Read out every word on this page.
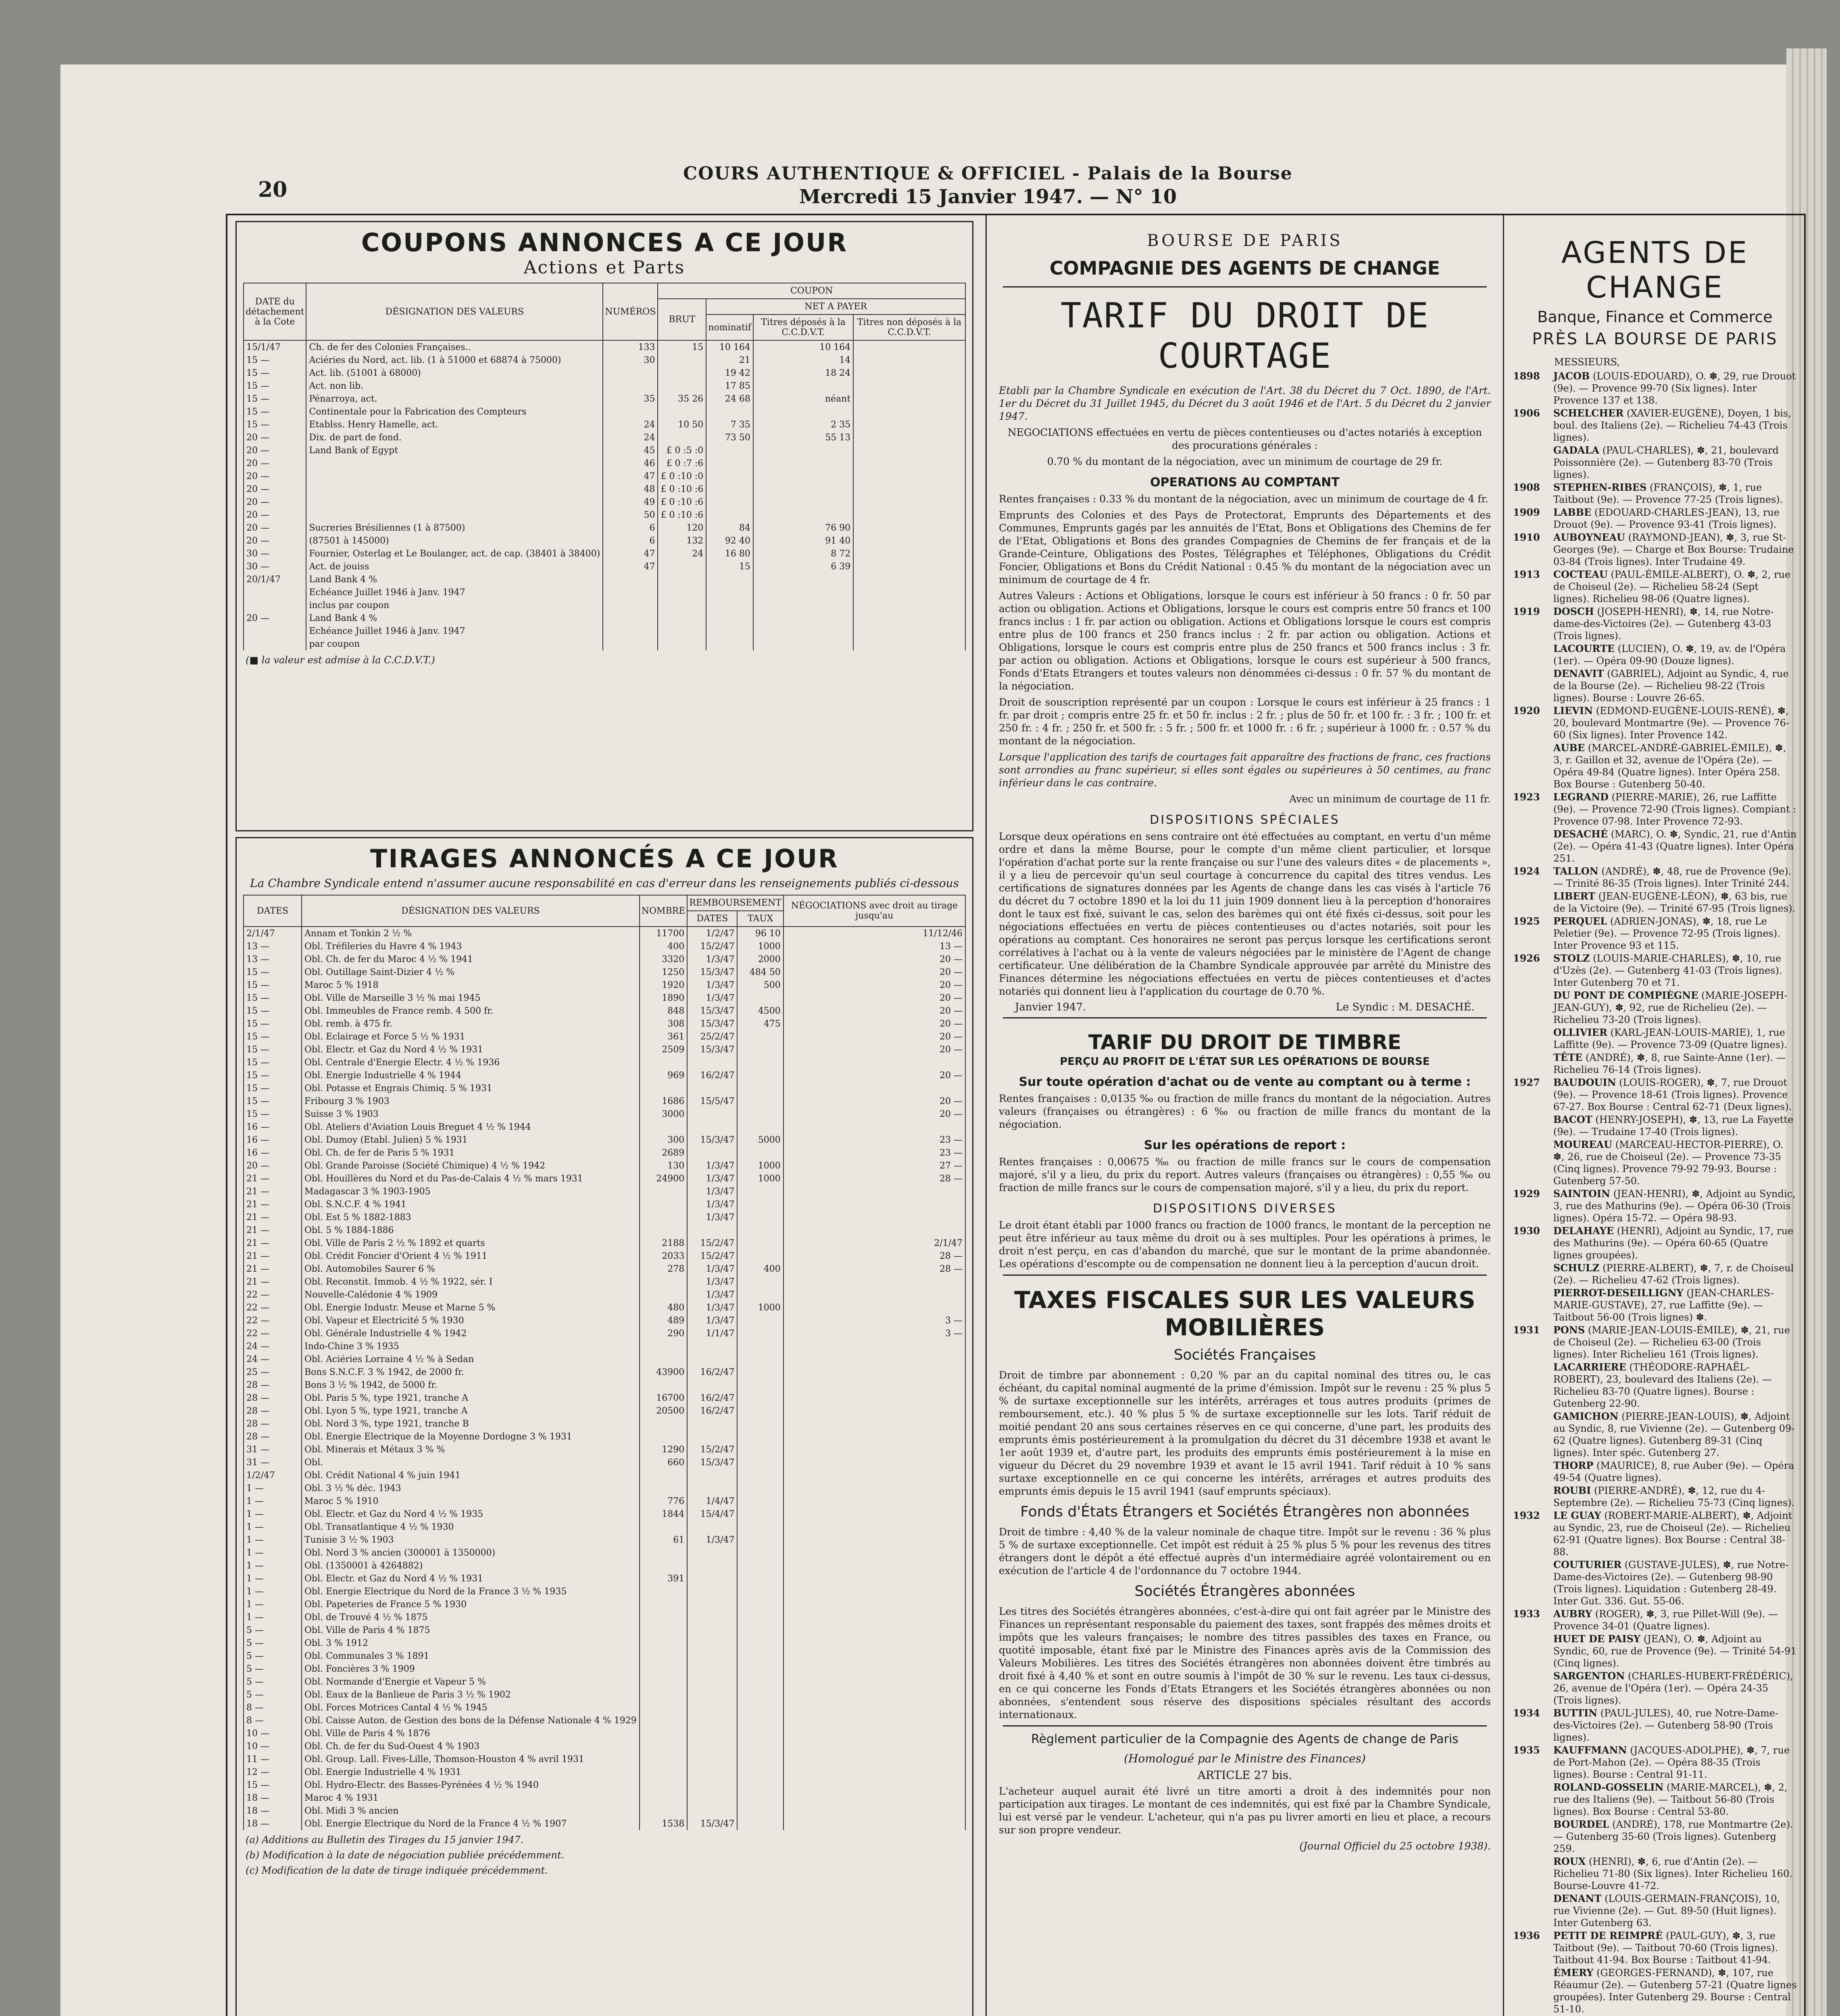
20
COURS AUTHENTIQUE & OFFICIEL - Palais de la Bourse
Mercredi 15 Janvier 1947. — N° 10
COUPONS ANNONCES A CE JOUR
Actions et Parts
DATE du détachement à la Cote	DÉSIGNATION DES VALEURS	NUMÉROS	COUPON			
			BRUT	NET A PAYER		
				nominatif	Titres déposés à la C.C.D.V.T.	Titres non déposés à la C.C.D.V.T.
15/1/47	Ch. de fer des Colonies Françaises..	133	15	10 164	10 164	
15 —	Aciéries du Nord, act. lib. (1 à 51000 et 68874 à 75000)	30		21	14	
15 —	Act. lib. (51001 à 68000)			19 42	18 24	
15 —	Act. non lib.			17 85		
15 —	Pénarroya, act.	35	35 26	24 68	néant	
15 —	Continentale pour la Fabrication des Compteurs					
15 —	Etablss. Henry Hamelle, act.	24	10 50	7 35	2 35	
20 —	Dix. de part de fond.	24		73 50	55 13	
20 —	Land Bank of Egypt	45	£ 0 :5 :0			
20 —		46	£ 0 :7 :6			
20 —		47	£ 0 :10 :0			
20 —		48	£ 0 :10 :6			
20 —		49	£ 0 :10 :6			
20 —		50	£ 0 :10 :6			
20 —	Sucreries Brésiliennes (1 à 87500)	6	120	84	76 90	
20 —	(87501 à 145000)	6	132	92 40	91 40	
30 —	Fournier, Osterlag et Le Boulanger, act. de cap. (38401 à 38400)	47	24	16 80	8 72	
30 —	Act. de jouiss	47		15	6 39	
20/1/47	Land Bank 4 %					
	Echéance Juillet 1946 à Janv. 1947					
	inclus par coupon					
20 —	Land Bank 4 %					
	Echéance Juillet 1946 à Janv. 1947					
	par coupon					
(■ la valeur est admise à la C.C.D.V.T.)
TIRAGES ANNONCÉS A CE JOUR
La Chambre Syndicale entend n'assumer aucune responsabilité en cas d'erreur dans les renseignements publiés ci-dessous
DATES	DÉSIGNATION DES VALEURS	NOMBRE	REMBOURSEMENT		NÉGOCIATIONS avec droit au tirage jusqu'au
			DATES	TAUX	
2/1/47	Annam et Tonkin 2 ½ %	11700	1/2/47	96 10	11/12/46
13 —	Obl. Tréfileries du Havre 4 % 1943	400	15/2/47	1000	13 —
13 —	Obl. Ch. de fer du Maroc 4 ½ % 1941	3320	1/3/47	2000	20 —
15 —	Obl. Outillage Saint-Dizier 4 ½ %	1250	15/3/47	484 50	20 —
15 —	Maroc 5 % 1918	1920	1/3/47	500	20 —
15 —	Obl. Ville de Marseille 3 ½ % mai 1945	1890	1/3/47		20 —
15 —	Obl. Immeubles de France remb. 4 500 fr.	848	15/3/47	4500	20 —
15 —	Obl. remb. à 475 fr.	308	15/3/47	475	20 —
15 —	Obl. Eclairage et Force 5 ½ % 1931	361	25/2/47		20 —
15 —	Obl. Electr. et Gaz du Nord 4 ½ % 1931	2509	15/3/47		20 —
15 —	Obl. Centrale d'Energie Electr. 4 ½ % 1936				
15 —	Obl. Energie Industrielle 4 % 1944	969	16/2/47		20 —
15 —	Obl. Potasse et Engrais Chimiq. 5 % 1931				
15 —	Fribourg 3 % 1903	1686	15/5/47		20 —
15 —	Suisse 3 % 1903	3000			20 —
16 —	Obl. Ateliers d'Aviation Louis Breguet 4 ½ % 1944				
16 —	Obl. Dumoy (Etabl. Julien) 5 % 1931	300	15/3/47	5000	23 —
16 —	Obl. Ch. de fer de Paris 5 % 1931	2689			23 —
20 —	Obl. Grande Paroisse (Société Chimique) 4 ½ % 1942	130	1/3/47	1000	27 —
21 —	Obl. Houillères du Nord et du Pas-de-Calais 4 ½ % mars 1931	24900	1/3/47	1000	28 —
21 —	Madagascar 3 % 1903-1905		1/3/47		
21 —	Obl. S.N.C.F. 4 % 1941		1/3/47		
21 —	Obl. Est 5 % 1882-1883		1/3/47		
21 —	Obl. 5 % 1884-1886				
21 —	Obl. Ville de Paris 2 ½ % 1892 et quarts	2188	15/2/47		2/1/47
21 —	Obl. Crédit Foncier d'Orient 4 ½ % 1911	2033	15/2/47		28 —
21 —	Obl. Automobiles Saurer 6 %	278	1/3/47	400	28 —
21 —	Obl. Reconstit. Immob. 4 ½ % 1922, sér. I		1/3/47		
22 —	Nouvelle-Calédonie 4 % 1909		1/3/47		
22 —	Obl. Energie Industr. Meuse et Marne 5 %	480	1/3/47	1000	
22 —	Obl. Vapeur et Electricité 5 % 1930	489	1/3/47		3 —
22 —	Obl. Générale Industrielle 4 % 1942	290	1/1/47		3 —
24 —	Indo-Chine 3 % 1935				
24 —	Obl. Aciéries Lorraine 4 ½ % à Sedan				
25 —	Bons S.N.C.F. 3 % 1942, de 2000 fr.	43900	16/2/47		
28 —	Bons 3 ½ % 1942, de 5000 fr.				
28 —	Obl. Paris 5 %, type 1921, tranche A	16700	16/2/47		
28 —	Obl. Lyon 5 %, type 1921, tranche A	20500	16/2/47		
28 —	Obl. Nord 3 %, type 1921, tranche B				
28 —	Obl. Energie Electrique de la Moyenne Dordogne 3 % 1931				
31 —	Obl. Minerais et Métaux 3 % %	1290	15/2/47		
31 —	Obl.	660	15/3/47		
1/2/47	Obl. Crédit National 4 % juin 1941				
1 —	Obl. 3 ½ % déc. 1943				
1 —	Maroc 5 % 1910	776	1/4/47		
1 —	Obl. Electr. et Gaz du Nord 4 ½ % 1935	1844	15/4/47		
1 —	Obl. Transatlantique 4 ½ % 1930				
1 —	Tunisie 3 ½ % 1903	61	1/3/47		
1 —	Obl. Nord 3 % ancien (300001 à 1350000)				
1 —	Obl. (1350001 à 4264882)				
1 —	Obl. Electr. et Gaz du Nord 4 ½ % 1931	391			
1 —	Obl. Energie Electrique du Nord de la France 3 ½ % 1935				
1 —	Obl. Papeteries de France 5 % 1930				
1 —	Obl. de Trouvé 4 ½ % 1875				
5 —	Obl. Ville de Paris 4 % 1875				
5 —	Obl. 3 % 1912				
5 —	Obl. Communales 3 % 1891				
5 —	Obl. Foncières 3 % 1909				
5 —	Obl. Normande d'Energie et Vapeur 5 %				
5 —	Obl. Eaux de la Banlieue de Paris 3 ½ % 1902				
8 —	Obl. Forces Motrices Cantal 4 ½ % 1945				
8 —	Obl. Caisse Auton. de Gestion des bons de la Défense Nationale 4 % 1929				
10 —	Obl. Ville de Paris 4 % 1876				
10 —	Obl. Ch. de fer du Sud-Ouest 4 % 1903				
11 —	Obl. Group. Lall. Fives-Lille, Thomson-Houston 4 % avril 1931				
12 —	Obl. Energie Industrielle 4 % 1931				
15 —	Obl. Hydro-Electr. des Basses-Pyrénées 4 ½ % 1940				
18 —	Maroc 4 % 1931				
18 —	Obl. Midi 3 % ancien				
18 —	Obl. Energie Electrique du Nord de la France 4 ½ % 1907	1538	15/3/47		
(a) Additions au Bulletin des Tirages du 15 janvier 1947.
(b) Modification à la date de négociation publiée précédemment.
(c) Modification de la date de tirage indiquée précédemment.
BOURSE DE PARIS
COMPAGNIE DES AGENTS DE CHANGE
TARIF DU DROIT DE COURTAGE
Etabli par la Chambre Syndicale en exécution de l'Art. 38 du Décret du 7 Oct. 1890, de l'Art. 1er du Décret du 31 Juillet 1945, du Décret du 3 août 1946 et de l'Art. 5 du Décret du 2 janvier 1947.
NEGOCIATIONS effectuées en vertu de pièces contentieuses ou d'actes notariés à exception des procurations générales :
0.70 % du montant de la négociation, avec un minimum de courtage de 29 fr.
OPERATIONS AU COMPTANT
Rentes françaises : 0.33 % du montant de la négociation, avec un minimum de courtage de 4 fr.
Emprunts des Colonies et des Pays de Protectorat, Emprunts des Départements et des Communes, Emprunts gagés par les annuités de l'Etat, Bons et Obligations des Chemins de fer de l'Etat, Obligations et Bons des grandes Compagnies de Chemins de fer français et de la Grande-Ceinture, Obligations des Postes, Télégraphes et Téléphones, Obligations du Crédit Foncier, Obligations et Bons du Crédit National : 0.45 % du montant de la négociation avec un minimum de courtage de 4 fr.
Autres Valeurs : Actions et Obligations, lorsque le cours est inférieur à 50 francs : 0 fr. 50 par action ou obligation. Actions et Obligations, lorsque le cours est compris entre 50 francs et 100 francs inclus : 1 fr. par action ou obligation. Actions et Obligations lorsque le cours est compris entre plus de 100 francs et 250 francs inclus : 2 fr. par action ou obligation. Actions et Obligations, lorsque le cours est compris entre plus de 250 francs et 500 francs inclus : 3 fr. par action ou obligation. Actions et Obligations, lorsque le cours est supérieur à 500 francs, Fonds d'Etats Etrangers et toutes valeurs non dénommées ci-dessus : 0 fr. 57 % du montant de la négociation.
Droit de souscription représenté par un coupon : Lorsque le cours est inférieur à 25 francs : 1 fr. par droit ; compris entre 25 fr. et 50 fr. inclus : 2 fr. ; plus de 50 fr. et 100 fr. : 3 fr. ; 100 fr. et 250 fr. : 4 fr. ; 250 fr. et 500 fr. : 5 fr. ; 500 fr. et 1000 fr. : 6 fr. ; supérieur à 1000 fr. : 0.57 % du montant de la négociation.
Lorsque l'application des tarifs de courtages fait apparaître des fractions de franc, ces fractions sont arrondies au franc supérieur, si elles sont égales ou supérieures à 50 centimes, au franc inférieur dans le cas contraire.
Avec un minimum de courtage de 11 fr.
DISPOSITIONS SPÉCIALES
Lorsque deux opérations en sens contraire ont été effectuées au comptant, en vertu d'un même ordre et dans la même Bourse, pour le compte d'un même client particulier, et lorsque l'opération d'achat porte sur la rente française ou sur l'une des valeurs dites « de placements », il y a lieu de percevoir qu'un seul courtage à concurrence du capital des titres vendus. Les certifications de signatures données par les Agents de change dans les cas visés à l'article 76 du décret du 7 octobre 1890 et la loi du 11 juin 1909 donnent lieu à la perception d'honoraires dont le taux est fixé, suivant le cas, selon des barèmes qui ont été fixés ci-dessus, soit pour les négociations effectuées en vertu de pièces contentieuses ou d'actes notariés, soit pour les opérations au comptant. Ces honoraires ne seront pas perçus lorsque les certifications seront corrélatives à l'achat ou à la vente de valeurs négociées par le ministère de l'Agent de change certificateur. Une délibération de la Chambre Syndicale approuvée par arrêté du Ministre des Finances détermine les négociations effectuées en vertu de pièces contentieuses et d'actes notariés qui donnent lieu à l'application du courtage de 0.70 %.
Janvier 1947.	Le Syndic : M. DESACHÉ.
TARIF DU DROIT DE TIMBRE
PERÇU AU PROFIT DE L'ÉTAT SUR LES OPÉRATIONS DE BOURSE
Sur toute opération d'achat ou de vente au comptant ou à terme :
Rentes françaises : 0,0135 ‰ ou fraction de mille francs du montant de la négociation. Autres valeurs (françaises ou étrangères) : 6 ‰ ou fraction de mille francs du montant de la négociation.
Sur les opérations de report :
Rentes françaises : 0,00675 ‰ ou fraction de mille francs sur le cours de compensation majoré, s'il y a lieu, du prix du report. Autres valeurs (françaises ou étrangères) : 0,55 ‰ ou fraction de mille francs sur le cours de compensation majoré, s'il y a lieu, du prix du report.
DISPOSITIONS DIVERSES
Le droit étant établi par 1000 francs ou fraction de 1000 francs, le montant de la perception ne peut être inférieur au taux même du droit ou à ses multiples. Pour les opérations à primes, le droit n'est perçu, en cas d'abandon du marché, que sur le montant de la prime abandonnée. Les opérations d'escompte ou de compensation ne donnent lieu à la perception d'aucun droit.
TAXES FISCALES SUR LES VALEURS MOBILIÈRES
Sociétés Françaises
Droit de timbre par abonnement : 0,20 % par an du capital nominal des titres ou, le cas échéant, du capital nominal augmenté de la prime d'émission. Impôt sur le revenu : 25 % plus 5 % de surtaxe exceptionnelle sur les intérêts, arrérages et tous autres produits (primes de remboursement, etc.). 40 % plus 5 % de surtaxe exceptionnelle sur les lots. Tarif réduit de moitié pendant 20 ans sous certaines réserves en ce qui concerne, d'une part, les produits des emprunts émis postérieurement à la promulgation du décret du 31 décembre 1938 et avant le 1er août 1939 et, d'autre part, les produits des emprunts émis postérieurement à la mise en vigueur du Décret du 29 novembre 1939 et avant le 15 avril 1941. Tarif réduit à 10 % sans surtaxe exceptionnelle en ce qui concerne les intérêts, arrérages et autres produits des emprunts émis depuis le 15 avril 1941 (sauf emprunts spéciaux).
Fonds d'États Étrangers et Sociétés Étrangères non abonnées
Droit de timbre : 4,40 % de la valeur nominale de chaque titre. Impôt sur le revenu : 36 % plus 5 % de surtaxe exceptionnelle. Cet impôt est réduit à 25 % plus 5 % pour les revenus des titres étrangers dont le dépôt a été effectué auprès d'un intermédiaire agréé volontairement ou en exécution de l'article 4 de l'ordonnance du 7 octobre 1944.
Sociétés Étrangères abonnées
Les titres des Sociétés étrangères abonnées, c'est-à-dire qui ont fait agréer par le Ministre des Finances un représentant responsable du paiement des taxes, sont frappés des mêmes droits et impôts que les valeurs françaises; le nombre des titres passibles des taxes en France, ou quotité imposable, étant fixé par le Ministre des Finances après avis de la Commission des Valeurs Mobilières. Les titres des Sociétés étrangères non abonnées doivent être timbrés au droit fixé à 4,40 % et sont en outre soumis à l'impôt de 30 % sur le revenu. Les taux ci-dessus, en ce qui concerne les Fonds d'Etats Etrangers et les Sociétés étrangères abonnées ou non abonnées, s'entendent sous réserve des dispositions spéciales résultant des accords internationaux.
Règlement particulier de la Compagnie des Agents de change de Paris
(Homologué par le Ministre des Finances)
ARTICLE 27 bis.
L'acheteur auquel aurait été livré un titre amorti a droit à des indemnités pour non participation aux tirages. Le montant de ces indemnités, qui est fixé par la Chambre Syndicale, lui est versé par le vendeur. L'acheteur, qui n'a pas pu livrer amorti en lieu et place, a recours sur son propre vendeur.
(Journal Officiel du 25 octobre 1938).
AGENTS DE CHANGE
Banque, Finance et Commerce
PRÈS LA BOURSE DE PARIS
MESSIEURS,
1898	JACOB (LOUIS-EDOUARD), O. ✽, 29, rue Drouot (9e). — Provence 99-70 (Six lignes). Inter Provence 137 et 138.
1906	SCHELCHER (XAVIER-EUGÈNE), Doyen, 1 bis, boul. des Italiens (2e). — Richelieu 74-43 (Trois lignes).
GADALA (PAUL-CHARLES), ✽, 21, boulevard Poissonnière (2e). — Gutenberg 83-70 (Trois lignes).
1908	STEPHEN-RIBES (FRANÇOIS), ✽, 1, rue Taitbout (9e). — Provence 77-25 (Trois lignes).
1909	LABBE (EDOUARD-CHARLES-JEAN), 13, rue Drouot (9e). — Provence 93-41 (Trois lignes).
1910	AUBOYNEAU (RAYMOND-JEAN), ✽, 3, rue St-Georges (9e). — Charge et Box Bourse: Trudaine 03-84 (Trois lignes). Inter Trudaine 49.
1913	COCTEAU (PAUL-ÉMILE-ALBERT), O. ✽, 2, rue de Choiseul (2e). — Richelieu 58-24 (Sept lignes). Richelieu 98-06 (Quatre lignes).
1919	DOSCH (JOSEPH-HENRI), ✽, 14, rue Notre-dame-des-Victoires (2e). — Gutenberg 43-03 (Trois lignes).
LACOURTE (LUCIEN), O. ✽, 19, av. de l'Opéra (1er). — Opéra 09-90 (Douze lignes).
DENAVIT (GABRIEL), Adjoint au Syndic, 4, rue de la Bourse (2e). — Richelieu 98-22 (Trois lignes). Bourse : Louvre 26-65.
1920	LIEVIN (EDMOND-EUGÈNE-LOUIS-RENÉ), ✽, 20, boulevard Montmartre (9e). — Provence 76-60 (Six lignes). Inter Provence 142.
AUBE (MARCEL-ANDRÉ-GABRIEL-ÉMILE), ✽, 3, r. Gaillon et 32, avenue de l'Opéra (2e). — Opéra 49-84 (Quatre lignes). Inter Opéra 258. Box Bourse : Gutenberg 50-40.
1923	LEGRAND (PIERRE-MARIE), 26, rue Laffitte (9e). — Provence 72-90 (Trois lignes). Compiant : Provence 07-98. Inter Provence 72-93.
DESACHÉ (MARC), O. ✽, Syndic, 21, rue d'Antin (2e). — Opéra 41-43 (Quatre lignes). Inter Opéra 251.
1924	TALLON (ANDRÉ), ✽, 48, rue de Provence (9e). — Trinité 86-35 (Trois lignes). Inter Trinité 244.
LIBERT (JEAN-EUGÈNE-LÉON), ✽, 63 bis, rue de la Victoire (9e). — Trinité 67-95 (Trois lignes).
1925	PERQUEL (ADRIEN-JONAS), ✽, 18, rue Le Peletier (9e). — Provence 72-95 (Trois lignes). Inter Provence 93 et 115.
1926	STOLZ (LOUIS-MARIE-CHARLES), ✽, 10, rue d'Uzès (2e). — Gutenberg 41-03 (Trois lignes). Inter Gutenberg 70 et 71.
DU PONT DE COMPIÈGNE (MARIE-JOSEPH-JEAN-GUY), ✽, 92, rue de Richelieu (2e). — Richelieu 73-20 (Trois lignes).
OLLIVIER (KARL-JEAN-LOUIS-MARIE), 1, rue Laffitte (9e). — Provence 73-09 (Quatre lignes).
TÊTE (ANDRÉ), ✽, 8, rue Sainte-Anne (1er). — Richelieu 76-14 (Trois lignes).
1927	BAUDOUIN (LOUIS-ROGER), ✽, 7, rue Drouot (9e). — Provence 18-61 (Trois lignes). Provence 67-27. Box Bourse : Central 62-71 (Deux lignes).
BACOT (HENRY-JOSEPH), ✽, 13, rue La Fayette (9e). — Trudaine 17-40 (Trois lignes).
MOUREAU (MARCEAU-HECTOR-PIERRE), O. ✽, 26, rue de Choiseul (2e). — Provence 73-35 (Cinq lignes). Provence 79-92 79-93. Bourse : Gutenberg 57-50.
1929	SAINTOIN (JEAN-HENRI), ✽, Adjoint au Syndic, 3, rue des Mathurins (9e). — Opéra 06-30 (Trois lignes). Opéra 15-72. — Opéra 98-93.
1930	DELAHAYE (HENRI), Adjoint au Syndic, 17, rue des Mathurins (9e). — Opéra 60-65 (Quatre lignes groupées).
SCHULZ (PIERRE-ALBERT), ✽, 7, r. de Choiseul (2e). — Richelieu 47-62 (Trois lignes).
PIERROT-DESEILLIGNY (JEAN-CHARLES-MARIE-GUSTAVE), 27, rue Laffitte (9e). — Taitbout 56-00 (Trois lignes) ✽.
1931	PONS (MARIE-JEAN-LOUIS-ÉMILE), ✽, 21, rue de Choiseul (2e). — Richelieu 63-00 (Trois lignes). Inter Richelieu 161 (Trois lignes).
LACARRIERE (THÉODORE-RAPHAËL-ROBERT), 23, boulevard des Italiens (2e). — Richelieu 83-70 (Quatre lignes). Bourse : Gutenberg 22-90.
GAMICHON (PIERRE-JEAN-LOUIS), ✽, Adjoint au Syndic, 8, rue Vivienne (2e). — Gutenberg 09-62 (Quatre lignes). Gutenberg 89-31 (Cinq lignes). Inter spéc. Gutenberg 27.
THORP (MAURICE), 8, rue Auber (9e). — Opéra 49-54 (Quatre lignes).
ROUBI (PIERRE-ANDRÉ), ✽, 12, rue du 4-Septembre (2e). — Richelieu 75-73 (Cinq lignes).
1932	LE GUAY (ROBERT-MARIE-ALBERT), ✽, Adjoint au Syndic, 23, rue de Choiseul (2e). — Richelieu 62-91 (Quatre lignes). Box Bourse : Central 38-88.
COUTURIER (GUSTAVE-JULES), ✽, rue Notre-Dame-des-Victoires (2e). — Gutenberg 98-90 (Trois lignes). Liquidation : Gutenberg 28-49. Inter Gut. 336. Gut. 55-06.
1933	AUBRY (ROGER), ✽, 3, rue Pillet-Will (9e). — Provence 34-01 (Quatre lignes).
HUET DE PAISY (JEAN), O. ✽, Adjoint au Syndic, 60, rue de Provence (9e). — Trinité 54-91 (Cinq lignes).
SARGENTON (CHARLES-HUBERT-FRÉDÉRIC), 26, avenue de l'Opéra (1er). — Opéra 24-35 (Trois lignes).
1934	BUTTIN (PAUL-JULES), 40, rue Notre-Dame-des-Victoires (2e). — Gutenberg 58-90 (Trois lignes).
1935	KAUFFMANN (JACQUES-ADOLPHE), ✽, 7, rue de Port-Mahon (2e). — Opéra 88-35 (Trois lignes). Bourse : Central 91-11.
ROLAND-GOSSELIN (MARIE-MARCEL), ✽, 2, rue des Italiens (9e). — Taitbout 56-80 (Trois lignes). Box Bourse : Central 53-80.
BOURDEL (ANDRÉ), 178, rue Montmartre (2e). — Gutenberg 35-60 (Trois lignes). Gutenberg 259.
ROUX (HENRI), ✽, 6, rue d'Antin (2e). — Richelieu 71-80 (Six lignes). Inter Richelieu 160. Bourse-Louvre 41-72.
DENANT (LOUIS-GERMAIN-FRANÇOIS), 10, rue Vivienne (2e). — Gut. 89-50 (Huit lignes). Inter Gutenberg 63.
1936	PETIT DE REIMPRÉ (PAUL-GUY), ✽, 3, rue Taitbout (9e). — Taitbout 70-60 (Trois lignes). Taitbout 41-94. Box Bourse : Taitbout 41-94.
ÉMERY (GEORGES-FERNAND), ✽, 107, rue Réaumur (2e). — Gutenberg 57-21 (Quatre lignes groupées). Inter Gutenberg 29. Bourse : Central 51-10.
